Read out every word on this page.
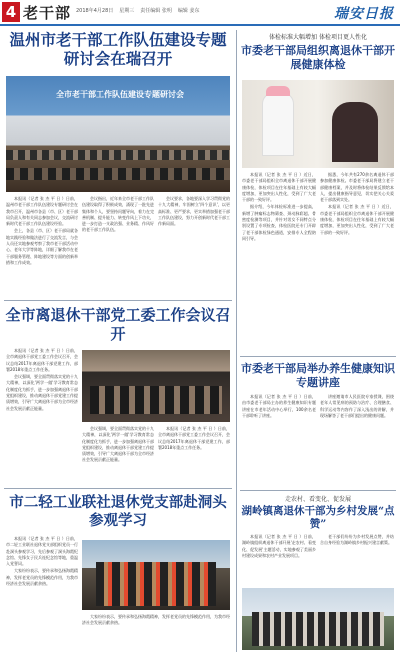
4 老干部 2018年4月28日 星期三 责任编辑 张明 编辑 姜东	瑞安日报
温州市老干部工作队伍建设专题研讨会在瑞召开
全市老干部工作队伍建设专题研讨会

本报讯（记者 张 杰 平 日 ）日前，温州市老干部工作队伍建设专题研讨会在我市召开，温州市各县（市、区）老干部局负责人和有关同志参加会议，交流研讨新时代老干部工作队伍建设经验。

会上，各县（市、区）老干部局就各地实践经验和做法进行了交流发言，与会人员还实地参观考察了我市老干部活动中心、老年大学等阵地，详细了解我市在老干部服务管理、阵地建设等方面的创新举措和工作成效。

会议指出，近年来全市老干部工作队伍建设取得了积极成效，涌现了一批先进集体和个人，要坚持问题导向，着力在完善机制、提升能力、转变作风上下功夫，进一步打造一支政治强、业务精、作风好的老干部工作队伍。

会议要求，各地要深入学习贯彻党的十九大精神，牢固树立'四个意识'，以更高标准、更严要求，更实举措加强老干部工作队伍建设，努力开创新时代老干部工作新局面。

全市离退休干部党工委工作会议召开

本报讯（记者 张 杰 平 日 ）日前，全市离退休干部党工委工作会议召开，会议总结2017年离退休干部党建工作，部署2018年重点工作任务。

会议强调，要全面贯彻落实党的十九大精神，以深化'两学一做'学习教育常态化制度化为抓手，进一步加强离退休干部党组织建设，推动离退休干部党建工作提质增效，引导广大离退休干部为全市经济社会发展贡献正能量。

会议强调，要全面贯彻落实党的十九大精神，以深化'两学一做'学习教育常态化制度化为抓手，进一步加强离退休干部党组织建设，推动离退休干部党建工作提质增效，引导广大离退休干部为全市经济社会发展贡献正能量。

本报讯（记者 张 杰 平 日 ）日前，全市离退休干部党工委工作会议召开，会议总结2017年离退休干部党建工作，部署2018年重点工作任务。

市二轻工业联社退休党支部赴洞头参观学习

本报讯（记者 张 杰 平 日 ）日前，市二轻工业联社退休党支部组织党员一行赴洞头参观学习，先后参观了洞头海霞纪念馆、先锋女子民兵连纪念馆等地，重温入党誓词。

大家纷纷表示，要传承和弘扬海霞精神，发挥老党员的先锋模范作用，为我市经济社会发展贡献余热。

大家纷纷表示，要传承和弘扬海霞精神，发挥老党员的先锋模范作用，为我市经济社会发展贡献余热。

体检标准大幅增加 体检项目更人性化
市委老干部局组织离退休干部开展健康体检

本报讯（记者 张 杰 平 日 ）近日，市委老干部局组织全市离退休干部开展健康体检，体检项目在往年基础上有较大幅度增加，更加突出人性化，受到了广大老干部的一致好评。

据介绍，今年体检标准进一步提高，新增了肿瘤标志物筛查、颈动脉彩超、骨密度检测等项目，并针对男女不同特点分别设置了专项检查，体检医院还专门开辟了老干部体检绿色通道，安排专人全程陪同引导。

据悉，今年共有270余名离退休干部参加健康体检。市委老干部局将建立老干部健康档案，并及时将体检结果反馈给本人，提出健康指导意见，切实把关心关爱老干部落到实处。

本报讯（记者 张 杰 平 日 ）近日，市委老干部局组织全市离退休干部开展健康体检，体检项目在往年基础上有较大幅度增加，更加突出人性化，受到了广大老干部的一致好评。

市委老干部局举办养生健康知识专题讲座

本报讯（记者 张 杰 平 日 ）日前，由市委老干部局主办的养生健康知识专题讲座在市老年活动中心举行，100余名老干部聆听了讲座。

讲座邀请市人民医院专家授课，围绕老年人常见病的预防与治疗、合理膳食、科学运动等内容作了深入浅出的讲解，并现场解答了老干部们提出的健康问题。

走农村、看变化、促发展
湖岭镇离退休干部为乡村发展“点赞”

本报讯（记者 张 杰 平 日 ）日前，湖岭镇组织离退休干部开展'走农村、看变化、促发展'主题活动，实地参观了美丽乡村建设成果和农村产业发展项目。

老干部们纷纷为乡村发展点赞，并结合自身经验为湖岭镇乡村振兴建言献策。
